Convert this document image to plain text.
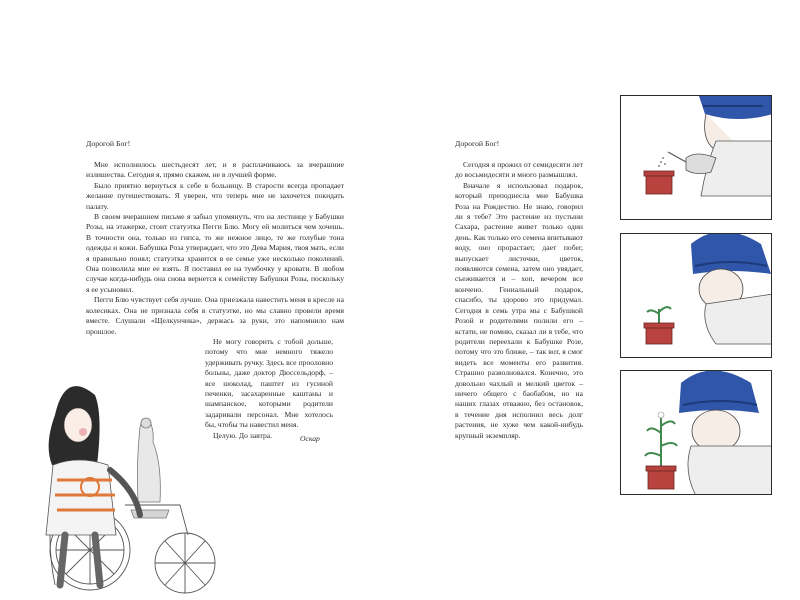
Дорогой Бог!

Мне исполнилось шестьдесят лет, и я расплачиваюсь за вчерашние излишества. Сегодня я, прямо скажем, не в лучшей форме.

Было приятно вернуться к себе в больницу. В старости всегда пропадает желание путешествовать. Я уверен, что теперь мне не захочется покидать палату.

В своем вчерашнем письме я забыл упомянуть, что на лестнице у Бабушки Розы, на этажерке, стоит статуэтка Пегги Блю. Могу ей молиться чем хочешь. В точности она, только из гипса, то же нежное лицо, те же голубые тона одежды и кожи. Бабушка Роза утверждает, что это Дева Мария, твоя мать, если я правильно понял; статуэтка хранится в ее семье уже несколько поколений. Она позволила мне ее взять. Я поставил ее на тумбочку у кровати. В любом случае когда-нибудь она снова вернется к семейству Бабушки Розы, поскольку я ее усыновил.

Пегги Блю чувствует себя лучше. Она приезжала навестить меня в кресле на колесиках. Она не признала себя в статуэтке, но мы славно провели время вместе. Слушали «Щелкунчика», держась за руки, это напомнило нам прошлое.

Не могу говорить с тобой дольше, потому что мне немного тяжело удерживать ручку. Здесь все прооловно больны, даже доктор Дюссельдорф, – все шоколад, паштет из гусиной печенки, засахаренные каштаны и шампанское, которыми родители задаривали персонал. Мне хотелось бы, чтобы ты навестил меня.

Целую. До завтра.	Оскар
Дорогой Бог!

Сегодня я прожил от семидесяти лет до восьмидесяти и много размышлял.

Вначале я использовал подарок, который преподнесла мне Бабушка Роза на Рождество. Не знаю, говорил ли я тебе? Это растение из пустыни Сахара, растение живет только один день. Как только его семена впитывают воду, оно прорастает, дает побег, выпускает листочки, цветок, появляются семена, затем оно увядает, съеживается и – хоп, вечером все кончено. Гениальный подарок, спасибо, ты здорово это придумал. Сегодня в семь утра мы с Бабушкой Розой и родителями полили его – кстати, не помню, сказал ли я тебе, что родители переехали к Бабушке Розе, потому что это ближе, – так вот, я смог видеть все моменты его развития. Страшно разволновался. Конечно, это довольно чахлый и мелкий цветок – ничего общего с баобабом, но на наших глазах отважно, без остановок, в течение дня исполнил весь долг растения, не хуже чем какой-нибудь крупный экземпляр.
